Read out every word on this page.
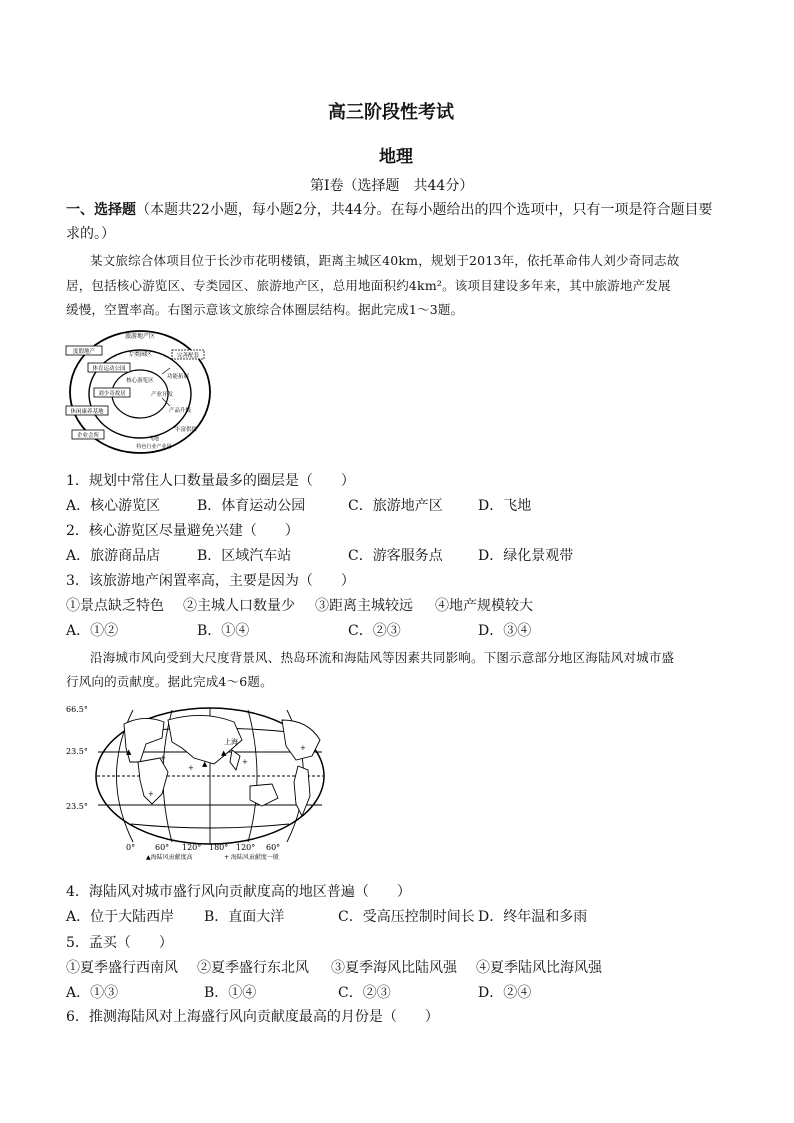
高三阶段性考试
地理
第Ⅰ卷（选择题　共44分）
一、选择题（本题共22小题，每小题2分，共44分。在每小题给出的四个选项中，只有一项是符合题目要
求的。）
某文旅综合体项目位于长沙市花明楼镇，距离主城区40km，规划于2013年，依托革命伟人刘少奇同志故
居，包括核心游览区、专类园区、旅游地产区，总用地面积约4km²。该项目建设多年来，其中旅游地产发展
缓慢，空置率高。右图示意该文旅综合体圈层结构。据此完成1～3题。
旅游地产区
专类园区
核心游览区
度假地产
体育运动公园
刘少奇故居
休闲康养基地
企业会所
完善配套
功能拓展
产业开发
产品升级
丰富供给
飞地
特色行业产业园
1．规划中常住人口数量最多的圈层是（　　）
A．核心游览区	B．体育运动公园	C．旅游地产区	D．飞地
2．核心游览区尽量避免兴建（　　）
A．旅游商品店	B．区域汽车站	C．游客服务点	D．绿化景观带
3．该旅游地产闲置率高，主要是因为（　　）
①景点缺乏特色 ②主城人口数量少 ③距离主城较远 ④地产规模较大
A．①②	B．①④	C．②③	D．③④
沿海城市风向受到大尺度背景风、热岛环流和海陆风等因素共同影响。下图示意部分地区海陆风对城市盛
行风向的贡献度。据此完成4～6题。
▲
▲
+
+
+
▲	+
+
上海
66.5°
23.5°
23.5°
0° 60° 120° 180° 120° 60°
▲海陆风贡献度高	+ 海陆风贡献度一般
4．海陆风对城市盛行风向贡献度高的地区普遍（　　）
A．位于大陆西岸 B．直面大洋	C．受高压控制时间长 D．终年温和多雨
5．孟买（　　）
①夏季盛行西南风 ②夏季盛行东北风 ③夏季海风比陆风强 ④夏季陆风比海风强
A．①③	B．①④	C．②③	D．②④
6．推测海陆风对上海盛行风向贡献度最高的月份是（　　）
